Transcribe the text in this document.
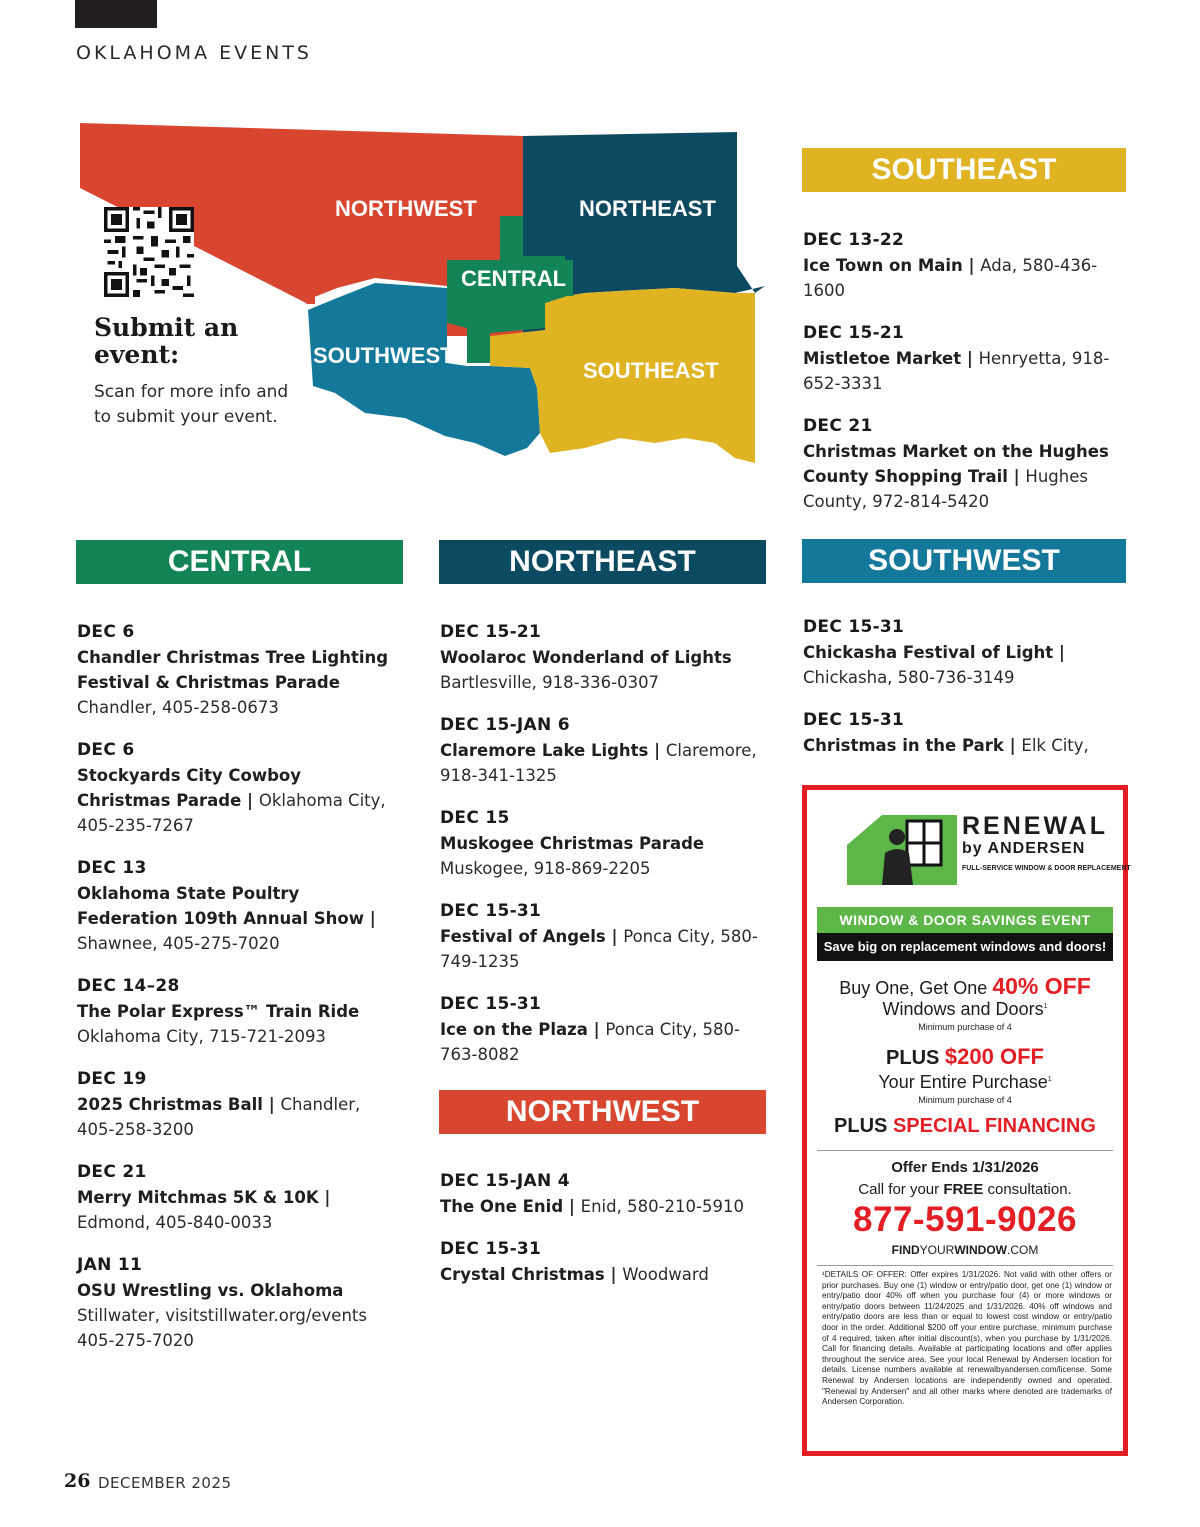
OKLAHOMA EVENTS
NORTHWEST	NORTHEAST
CENTRAL
SOUTHWEST
SOUTHEAST
Submit an
event:
Scan for more info and to submit your event.
SOUTHEAST
CENTRAL	NORTHEAST	SOUTHWEST
NORTHWEST
DEC 13-22
Ice Town on Main | Ada, 580-436-1600
DEC 15-21
Mistletoe Market | Henryetta, 918-652-3331
DEC 21
Christmas Market on the Hughes County Shopping Trail | Hughes County, 972-814-5420
DEC 6
Chandler Christmas Tree Lighting Festival & Christmas Parade
Chandler, 405-258-0673
DEC 6
Stockyards City Cowboy Christmas Parade | Oklahoma City, 405-235-7267
DEC 13
Oklahoma State Poultry Federation 109th Annual Show | Shawnee, 405-275-7020
DEC 14–28
The Polar Express™ Train Ride
Oklahoma City, 715-721-2093
DEC 19
2025 Christmas Ball | Chandler, 405-258-3200
DEC 21
Merry Mitchmas 5K & 10K | Edmond, 405-840-0033
JAN 11
OSU Wrestling vs. Oklahoma
Stillwater, visitstillwater.org/events 405-275-7020
DEC 15-21
Woolaroc Wonderland of Lights
Bartlesville, 918-336-0307
DEC 15-JAN 6
Claremore Lake Lights | Claremore, 918-341-1325
DEC 15
Muskogee Christmas Parade
Muskogee, 918-869-2205
DEC 15-31
Festival of Angels | Ponca City, 580-749-1235
DEC 15-31
Ice on the Plaza | Ponca City, 580-763-8082
DEC 15-31
Chickasha Festival of Light | Chickasha, 580-736-3149
DEC 15-31
Christmas in the Park | Elk City,
DEC 15-JAN 4
The One Enid | Enid, 580-210-5910
DEC 15-31
Crystal Christmas | Woodward
RENEWAL
by ANDERSEN
FULL-SERVICE WINDOW & DOOR REPLACEMENT
WINDOW & DOOR SAVINGS EVENT
Save big on replacement windows and doors!
Buy One, Get One 40% OFF
Windows and Doors$^1$
Minimum purchase of 4
PLUS $200 OFF
Your Entire Purchase$^1$
Minimum purchase of 4
PLUS SPECIAL FINANCING
Offer Ends 1/31/2026
Call for your FREE consultation.
877-591-9026
FINDYOURWINDOW.COM
¹DETAILS OF OFFER: Offer expires 1/31/2026. Not valid with other offers or prior purchases. Buy one (1) window or entry/patio door, get one (1) window or entry/patio door 40% off when you purchase four (4) or more windows or entry/patio doors between 11/24/2025 and 1/31/2026. 40% off windows and entry/patio doors are less than or equal to lowest cost window or entry/patio door in the order. Additional $200 off your entire purchase, minimum purchase of 4 required, taken after initial discount(s), when you purchase by 1/31/2026. Call for financing details. Available at participating locations and offer applies throughout the service area. See your local Renewal by Andersen location for details. License numbers available at renewalbyandersen.com/license. Some Renewal by Andersen locations are independently owned and operated. "Renewal by Andersen" and all other marks where denoted are trademarks of Andersen Corporation.
26 DECEMBER 2025
